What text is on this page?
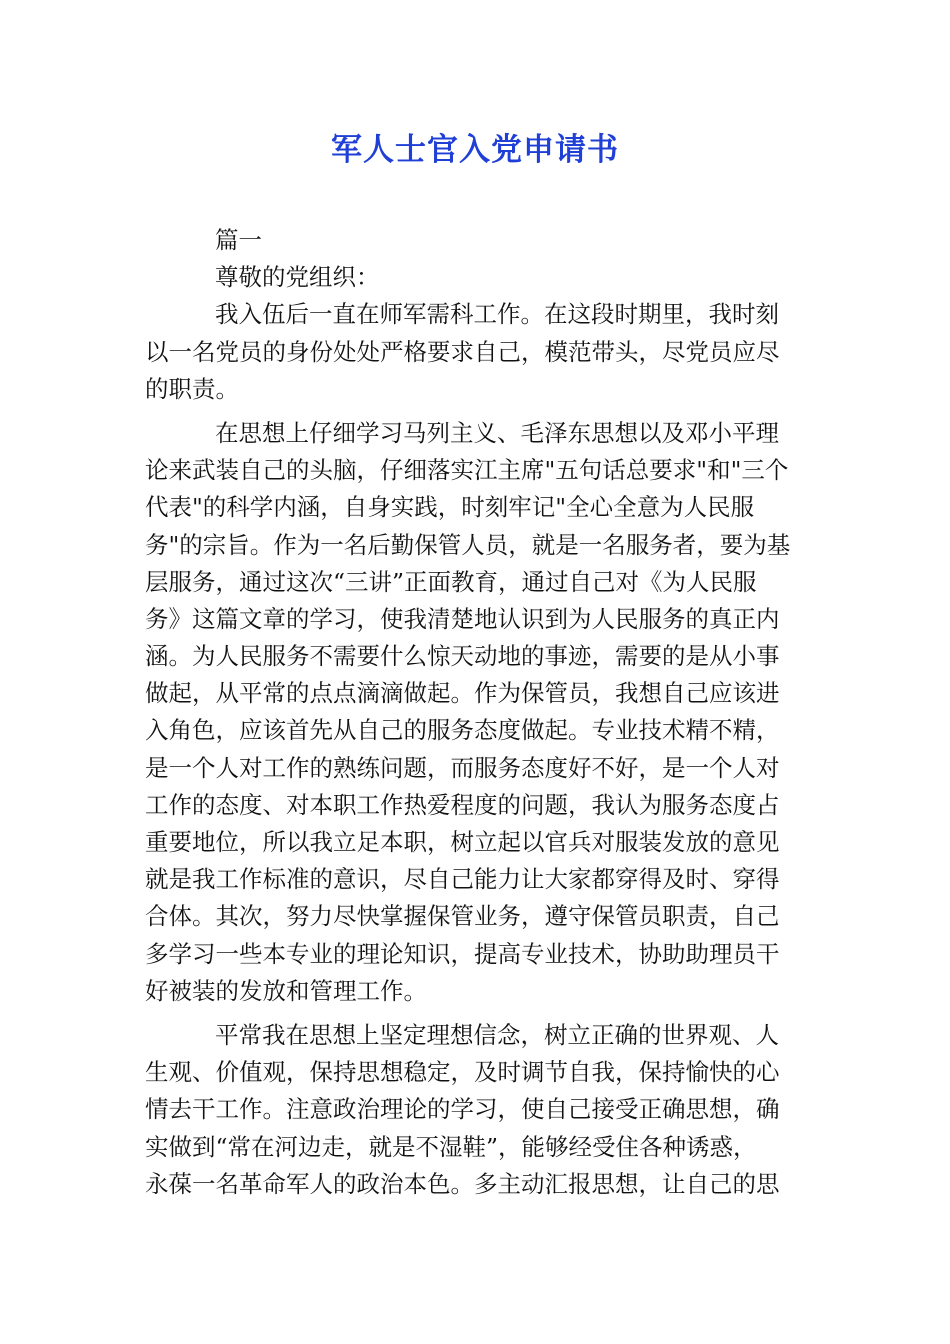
军人士官入党申请书
篇一
尊敬的党组织：
我入伍后一直在师军需科工作。在这段时期里，我时刻
以一名党员的身份处处严格要求自己，模范带头，尽党员应尽
的职责。
在思想上仔细学习马列主义、毛泽东思想以及邓小平理
论来武装自己的头脑，仔细落实江主席"五句话总要求"和"三个
代表"的科学内涵，自身实践，时刻牢记"全心全意为人民服
务"的宗旨。作为一名后勤保管人员，就是一名服务者，要为基
层服务，通过这次“三讲”正面教育，通过自己对《为人民服
务》这篇文章的学习，使我清楚地认识到为人民服务的真正内
涵。为人民服务不需要什么惊天动地的事迹，需要的是从小事
做起，从平常的点点滴滴做起。作为保管员，我想自己应该进
入角色，应该首先从自己的服务态度做起。专业技术精不精，
是一个人对工作的熟练问题，而服务态度好不好，是一个人对
工作的态度、对本职工作热爱程度的问题，我认为服务态度占
重要地位，所以我立足本职，树立起以官兵对服装发放的意见
就是我工作标准的意识，尽自己能力让大家都穿得及时、穿得
合体。其次，努力尽快掌握保管业务，遵守保管员职责，自己
多学习一些本专业的理论知识，提高专业技术，协助助理员干
好被装的发放和管理工作。
平常我在思想上坚定理想信念，树立正确的世界观、人
生观、价值观，保持思想稳定，及时调节自我，保持愉快的心
情去干工作。注意政治理论的学习，使自己接受正确思想，确
实做到“常在河边走，就是不湿鞋”，能够经受住各种诱惑，
永葆一名革命军人的政治本色。多主动汇报思想，让自己的思
